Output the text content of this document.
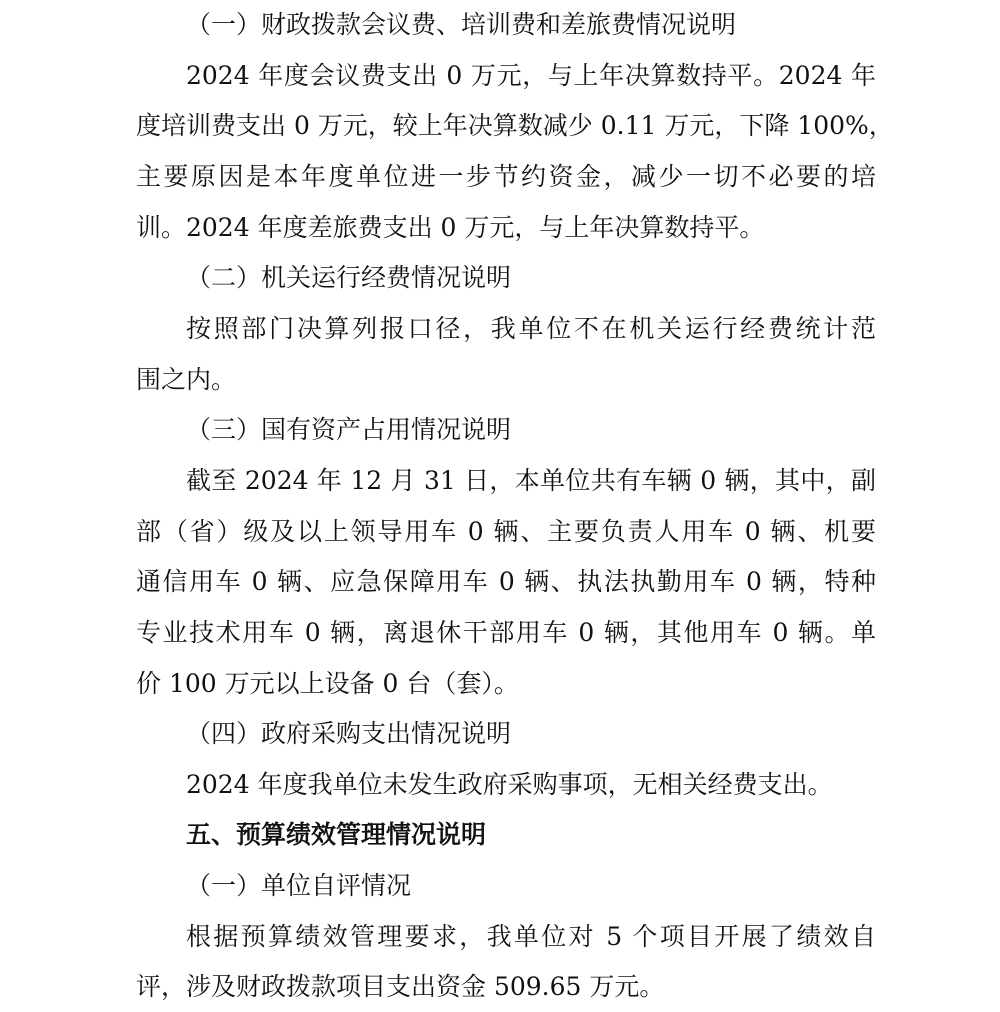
（一）财政拨款会议费、培训费和差旅费情况说明
2024 年度会议费支出 0 万元，与上年决算数持平。2024 年
度培训费支出 0 万元，较上年决算数减少 0.11 万元，下降 100%，
主要原因是本年度单位进一步节约资金，减少一切不必要的培
训。2024 年度差旅费支出 0 万元，与上年决算数持平。
（二）机关运行经费情况说明
按照部门决算列报口径，我单位不在机关运行经费统计范
围之内。
（三）国有资产占用情况说明
截至 2024 年 12 月 31 日，本单位共有车辆 0 辆，其中，副
部（省）级及以上领导用车 0 辆、主要负责人用车 0 辆、机要
通信用车 0 辆、应急保障用车 0 辆、执法执勤用车 0 辆，特种
专业技术用车 0 辆，离退休干部用车 0 辆，其他用车 0 辆。单
价 100 万元以上设备 0 台（套）。
（四）政府采购支出情况说明
2024 年度我单位未发生政府采购事项，无相关经费支出。
五、预算绩效管理情况说明
（一）单位自评情况
根据预算绩效管理要求，我单位对 5 个项目开展了绩效自
评，涉及财政拨款项目支出资金 509.65 万元。
